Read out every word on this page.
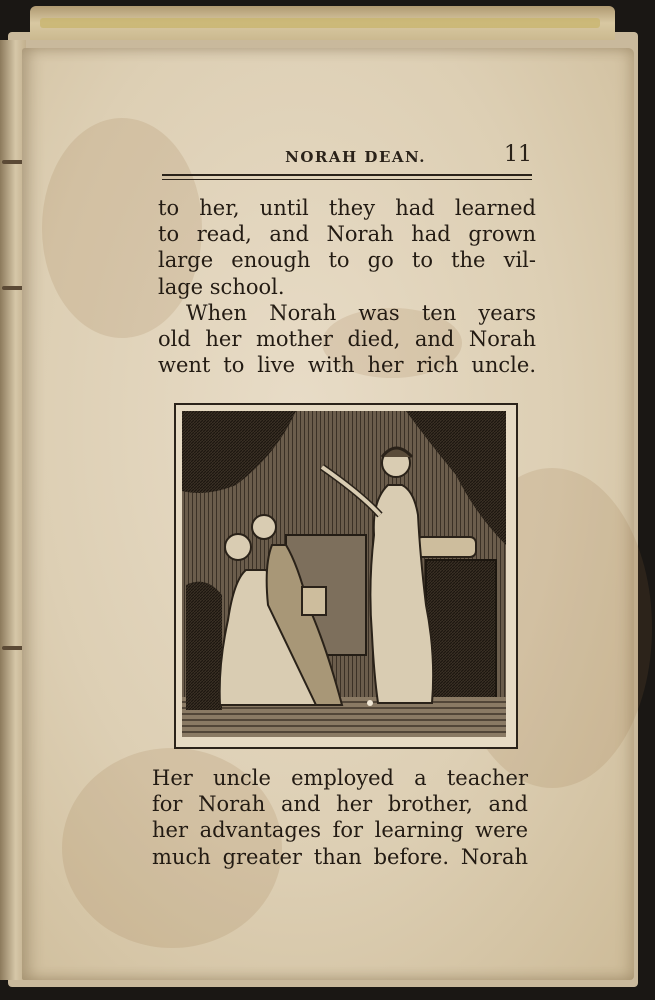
NORAH DEAN.	11
to her, until they had learned
to read, and Norah had grown
large enough to go to the vil-
lage school.
When Norah was ten years
old her mother died, and Norah
went to live with her rich uncle.
Her uncle employed a teacher
for Norah and her brother, and
her advantages for learning were
much greater than before. Norah
